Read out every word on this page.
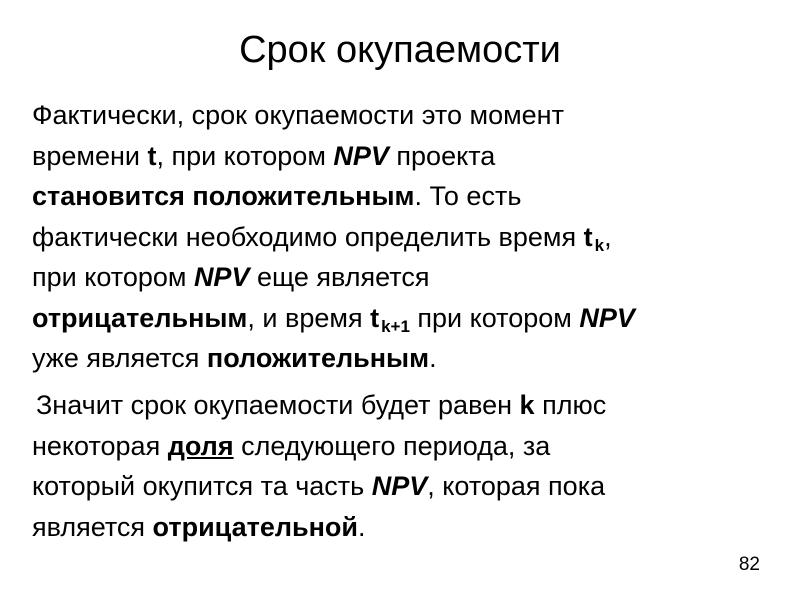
Срок окупаемости
Фактически, срок окупаемости это момент
времени t, при котором NPV проекта
становится положительным. То есть
фактически необходимо определить время t $_k$,
при котором NPV еще является
отрицательным, и время t $_{k+1}$ при котором NPV
уже является положительным.
Значит срок окупаемости будет равен k плюс
некоторая доля следующего периода, за
который окупится та часть NPV, которая пока
является отрицательной.
82
